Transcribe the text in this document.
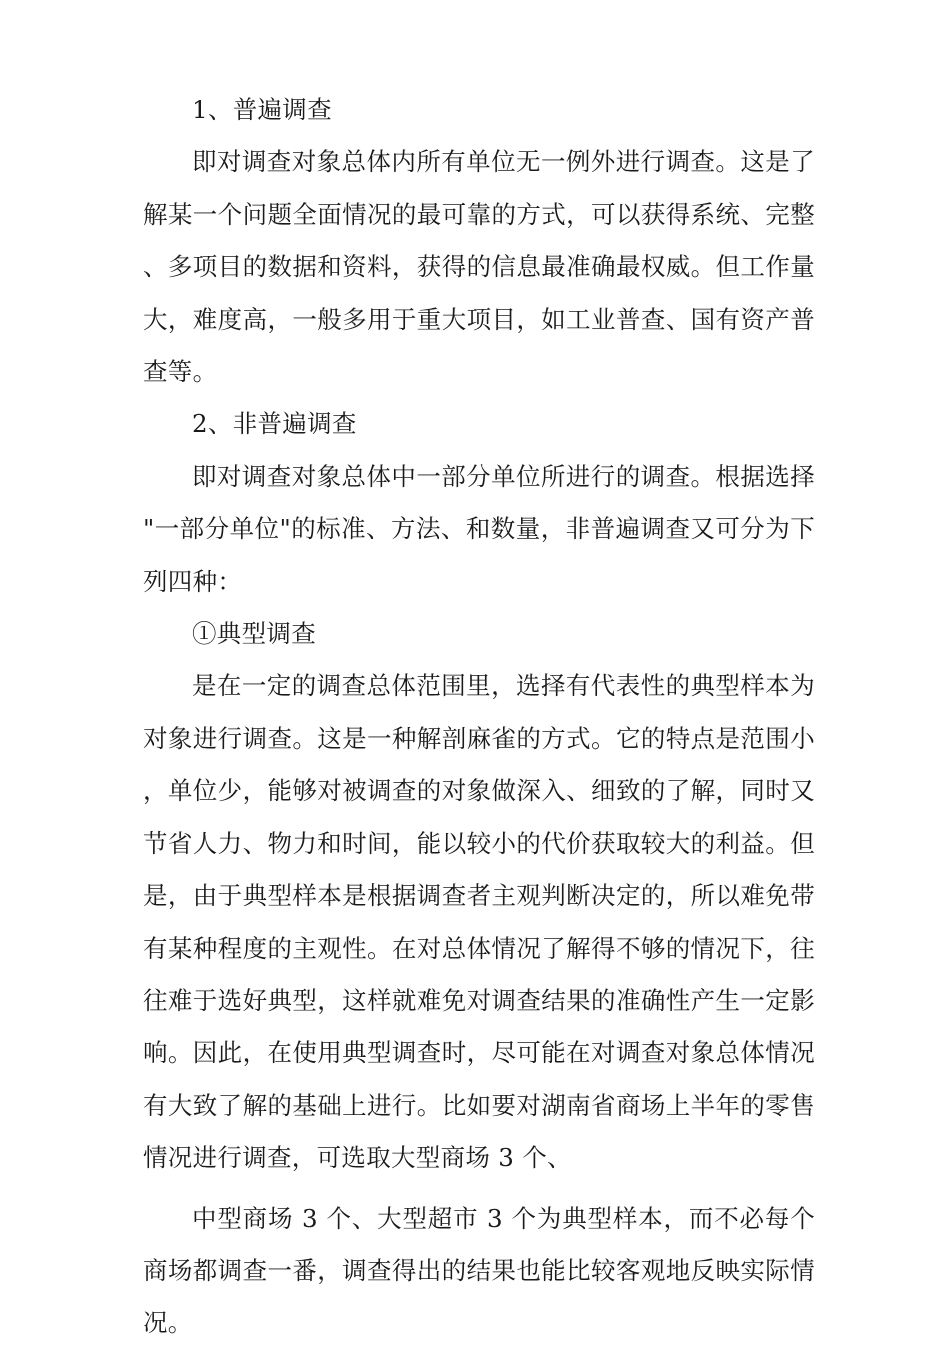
1、普遍调查

即对调查对象总体内所有单位无一例外进行调查。这是了解某一个问题全面情况的最可靠的方式，可以获得系统、完整、多项目的数据和资料，获得的信息最准确最权威。但工作量大，难度高，一般多用于重大项目，如工业普查、国有资产普查等。

2、非普遍调查

即对调查对象总体中一部分单位所进行的调查。根据选择 "一部分单位"的标准、方法、和数量，非普遍调查又可分为下列四种：

①典型调查

是在一定的调查总体范围里，选择有代表性的典型样本为对象进行调查。这是一种解剖麻雀的方式。它的特点是范围小，单位少，能够对被调查的对象做深入、细致的了解，同时又节省人力、物力和时间，能以较小的代价获取较大的利益。但是，由于典型样本是根据调查者主观判断决定的，所以难免带有某种程度的主观性。在对总体情况了解得不够的情况下，往往难于选好典型，这样就难免对调查结果的准确性产生一定影响。因此，在使用典型调查时，尽可能在对调查对象总体情况有大致了解的基础上进行。比如要对湖南省商场上半年的零售情况进行调查，可选取大型商场 3 个、

中型商场 3 个、大型超市 3 个为典型样本，而不必每个商场都调查一番，调查得出的结果也能比较客观地反映实际情况。
